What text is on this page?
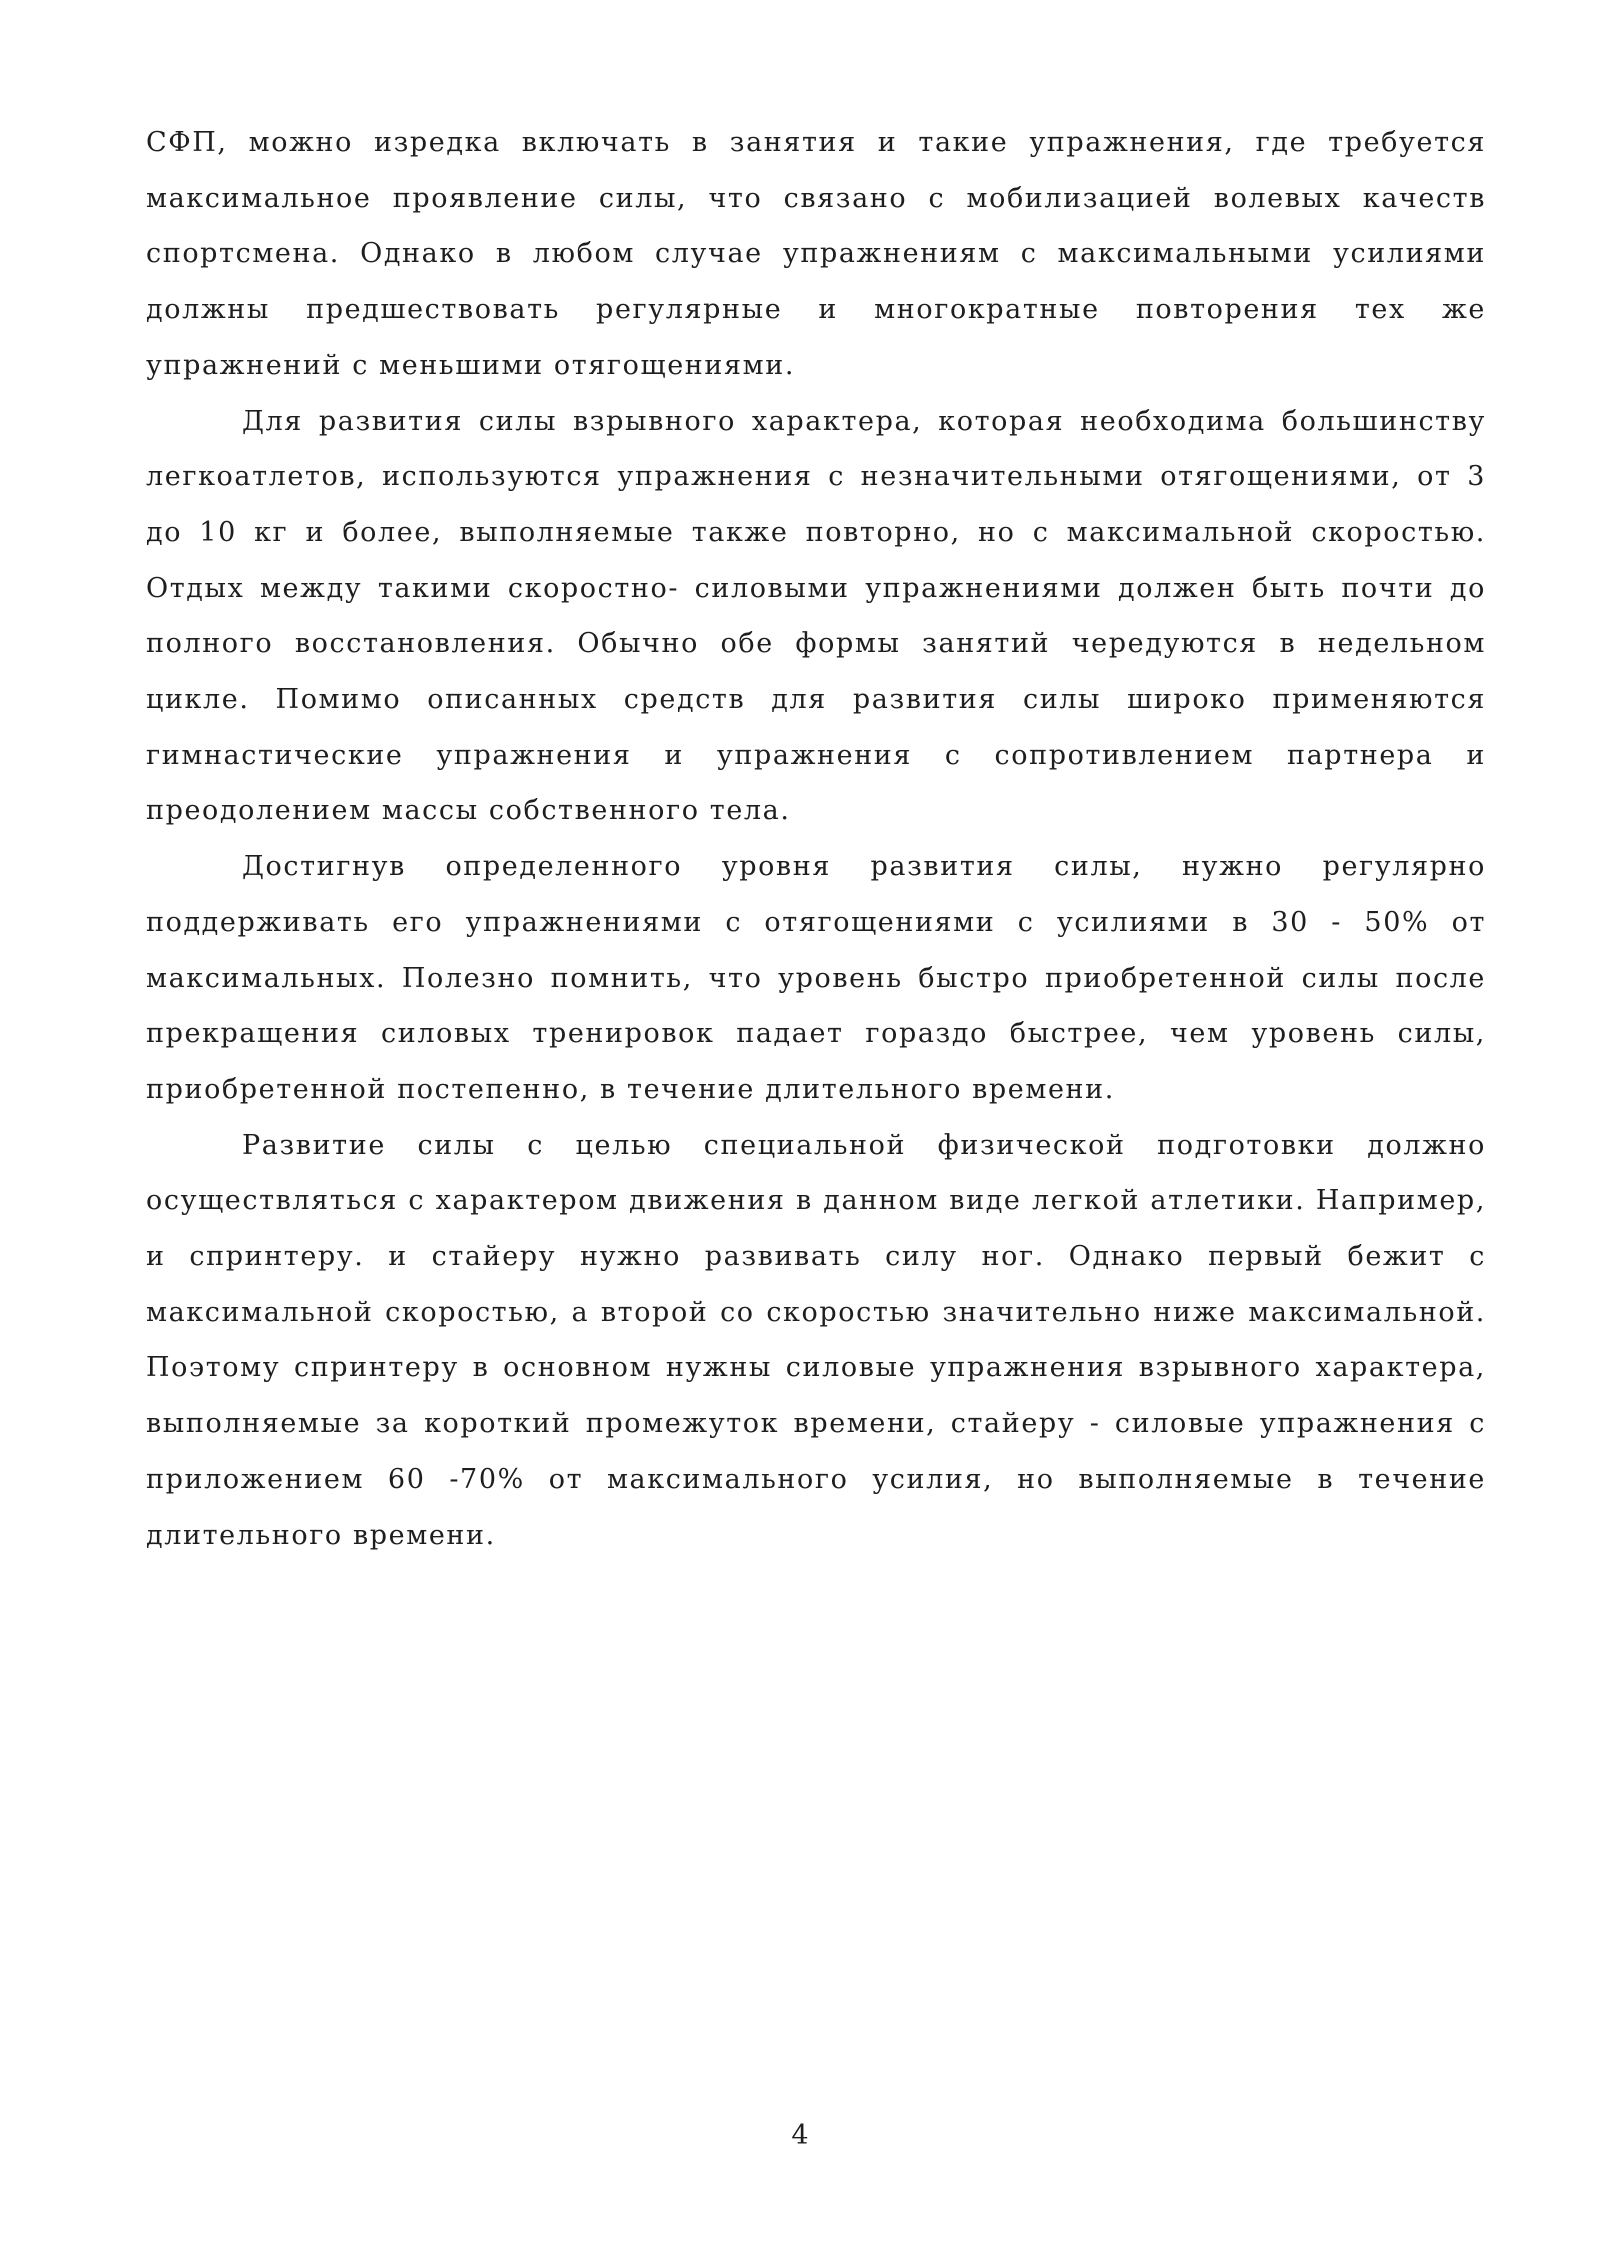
СФП, можно изредка включать в занятия и такие упражнения, где требуется максимальное проявление силы, что связано с мобилизацией волевых качеств спортсмена. Однако в любом случае упражнениям с максимальными усилиями должны предшествовать регулярные и многократные повторения тех же упражнений с меньшими отягощениями.

Для развития силы взрывного характера, которая необходима большинству легкоатлетов, используются упражнения с незначительными отягощениями, от 3 до 10 кг и более, выполняемые также повторно, но с максимальной скоростью. Отдых между такими скоростно- силовыми упражнениями должен быть почти до полного восстановления. Обычно обе формы занятий чередуются в недельном цикле. Помимо описанных средств для развития силы широко применяются гимнастические упражнения и упражнения с сопротивлением партнера и преодолением массы собственного тела.

Достигнув определенного уровня развития силы, нужно регулярно поддерживать его упражнениями с отягощениями с усилиями в 30 - 50% от максимальных. Полезно помнить, что уровень быстро приобретенной силы после прекращения силовых тренировок падает гораздо быстрее, чем уровень силы, приобретенной постепенно, в течение длительного времени.

Развитие силы с целью специальной физической подготовки должно осуществляться с характером движения в данном виде легкой атлетики. Например, и спринтеру. и стайеру нужно развивать силу ног. Однако первый бежит с максимальной скоростью, а второй со скоростью значительно ниже максимальной. Поэтому спринтеру в основном нужны силовые упражнения взрывного характера, выполняемые за короткий промежуток времени, стайеру - силовые упражнения с приложением 60 -70% от максимального усилия, но выполняемые в течение длительного времени.

4
